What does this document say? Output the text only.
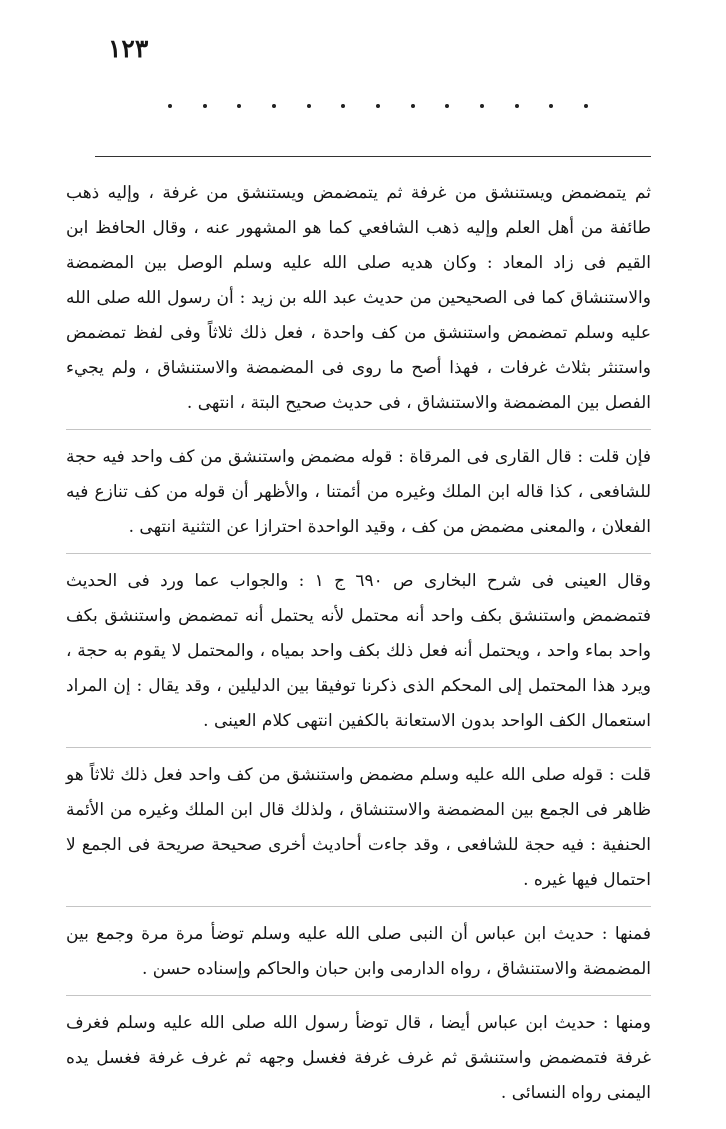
١٢٣

ثم يتمضمض ويستنشق من غرفة ثم يتمضمض ويستنشق من غرفة ، وإليه ذهب طائفة من أهل العلم وإليه ذهب الشافعي كما هو المشهور عنه ، وقال الحافظ ابن القيم فى زاد المعاد : وكان هديه صلى الله عليه وسلم الوصل بين المضمضة والاستنشاق كما فى الصحيحين من حديث عبد الله بن زيد : أن رسول الله صلى الله عليه وسلم تمضمض واستنشق من كف واحدة ، فعل ذلك ثلاثاً وفى لفظ تمضمض واستنثر بثلاث غرفات ، فهذا أصح ما روى فى المضمضة والاستنشاق ، ولم يجيء الفصل بين المضمضة والاستنشاق ، فى حديث صحيح البتة ، انتهى .

فإن قلت : قال القارى فى المرقاة : قوله مضمض واستنشق من كف واحد فيه حجة للشافعى ، كذا قاله ابن الملك وغيره من أئمتنا ، والأظهر أن قوله من كف تنازع فيه الفعلان ، والمعنى مضمض من كف ، وقيد الواحدة احترازا عن التثنية انتهى .

وقال العينى فى شرح البخارى ص ٦٩٠ ج ١ : والجواب عما ورد فى الحديث فتمضمض واستنشق بكف واحد أنه محتمل لأنه يحتمل أنه تمضمض واستنشق بكف واحد بماء واحد ، ويحتمل أنه فعل ذلك بكف واحد بمياه ، والمحتمل لا يقوم به حجة ، ويرد هذا المحتمل إلى المحكم الذى ذكرنا توفيقا بين الدليلين ، وقد يقال : إن المراد استعمال الكف الواحد بدون الاستعانة بالكفين انتهى كلام العينى .

قلت : قوله صلى الله عليه وسلم مضمض واستنشق من كف واحد فعل ذلك ثلاثاً هو ظاهر فى الجمع بين المضمضة والاستنشاق ، ولذلك قال ابن الملك وغيره من الأئمة الحنفية : فيه حجة للشافعى ، وقد جاءت أحاديث أخرى صحيحة صريحة فى الجمع لا احتمال فيها غيره .

فمنها : حديث ابن عباس أن النبى صلى الله عليه وسلم توضأ مرة مرة وجمع بين المضمضة والاستنشاق ، رواه الدارمى وابن حبان والحاكم وإسناده حسن .

ومنها : حديث ابن عباس أيضا ، قال توضأ رسول الله صلى الله عليه وسلم فغرف غرفة فتمضمض واستنشق ثم غرف غرفة فغسل وجهه ثم غرف غرفة فغسل يده اليمنى رواه النسائى .
